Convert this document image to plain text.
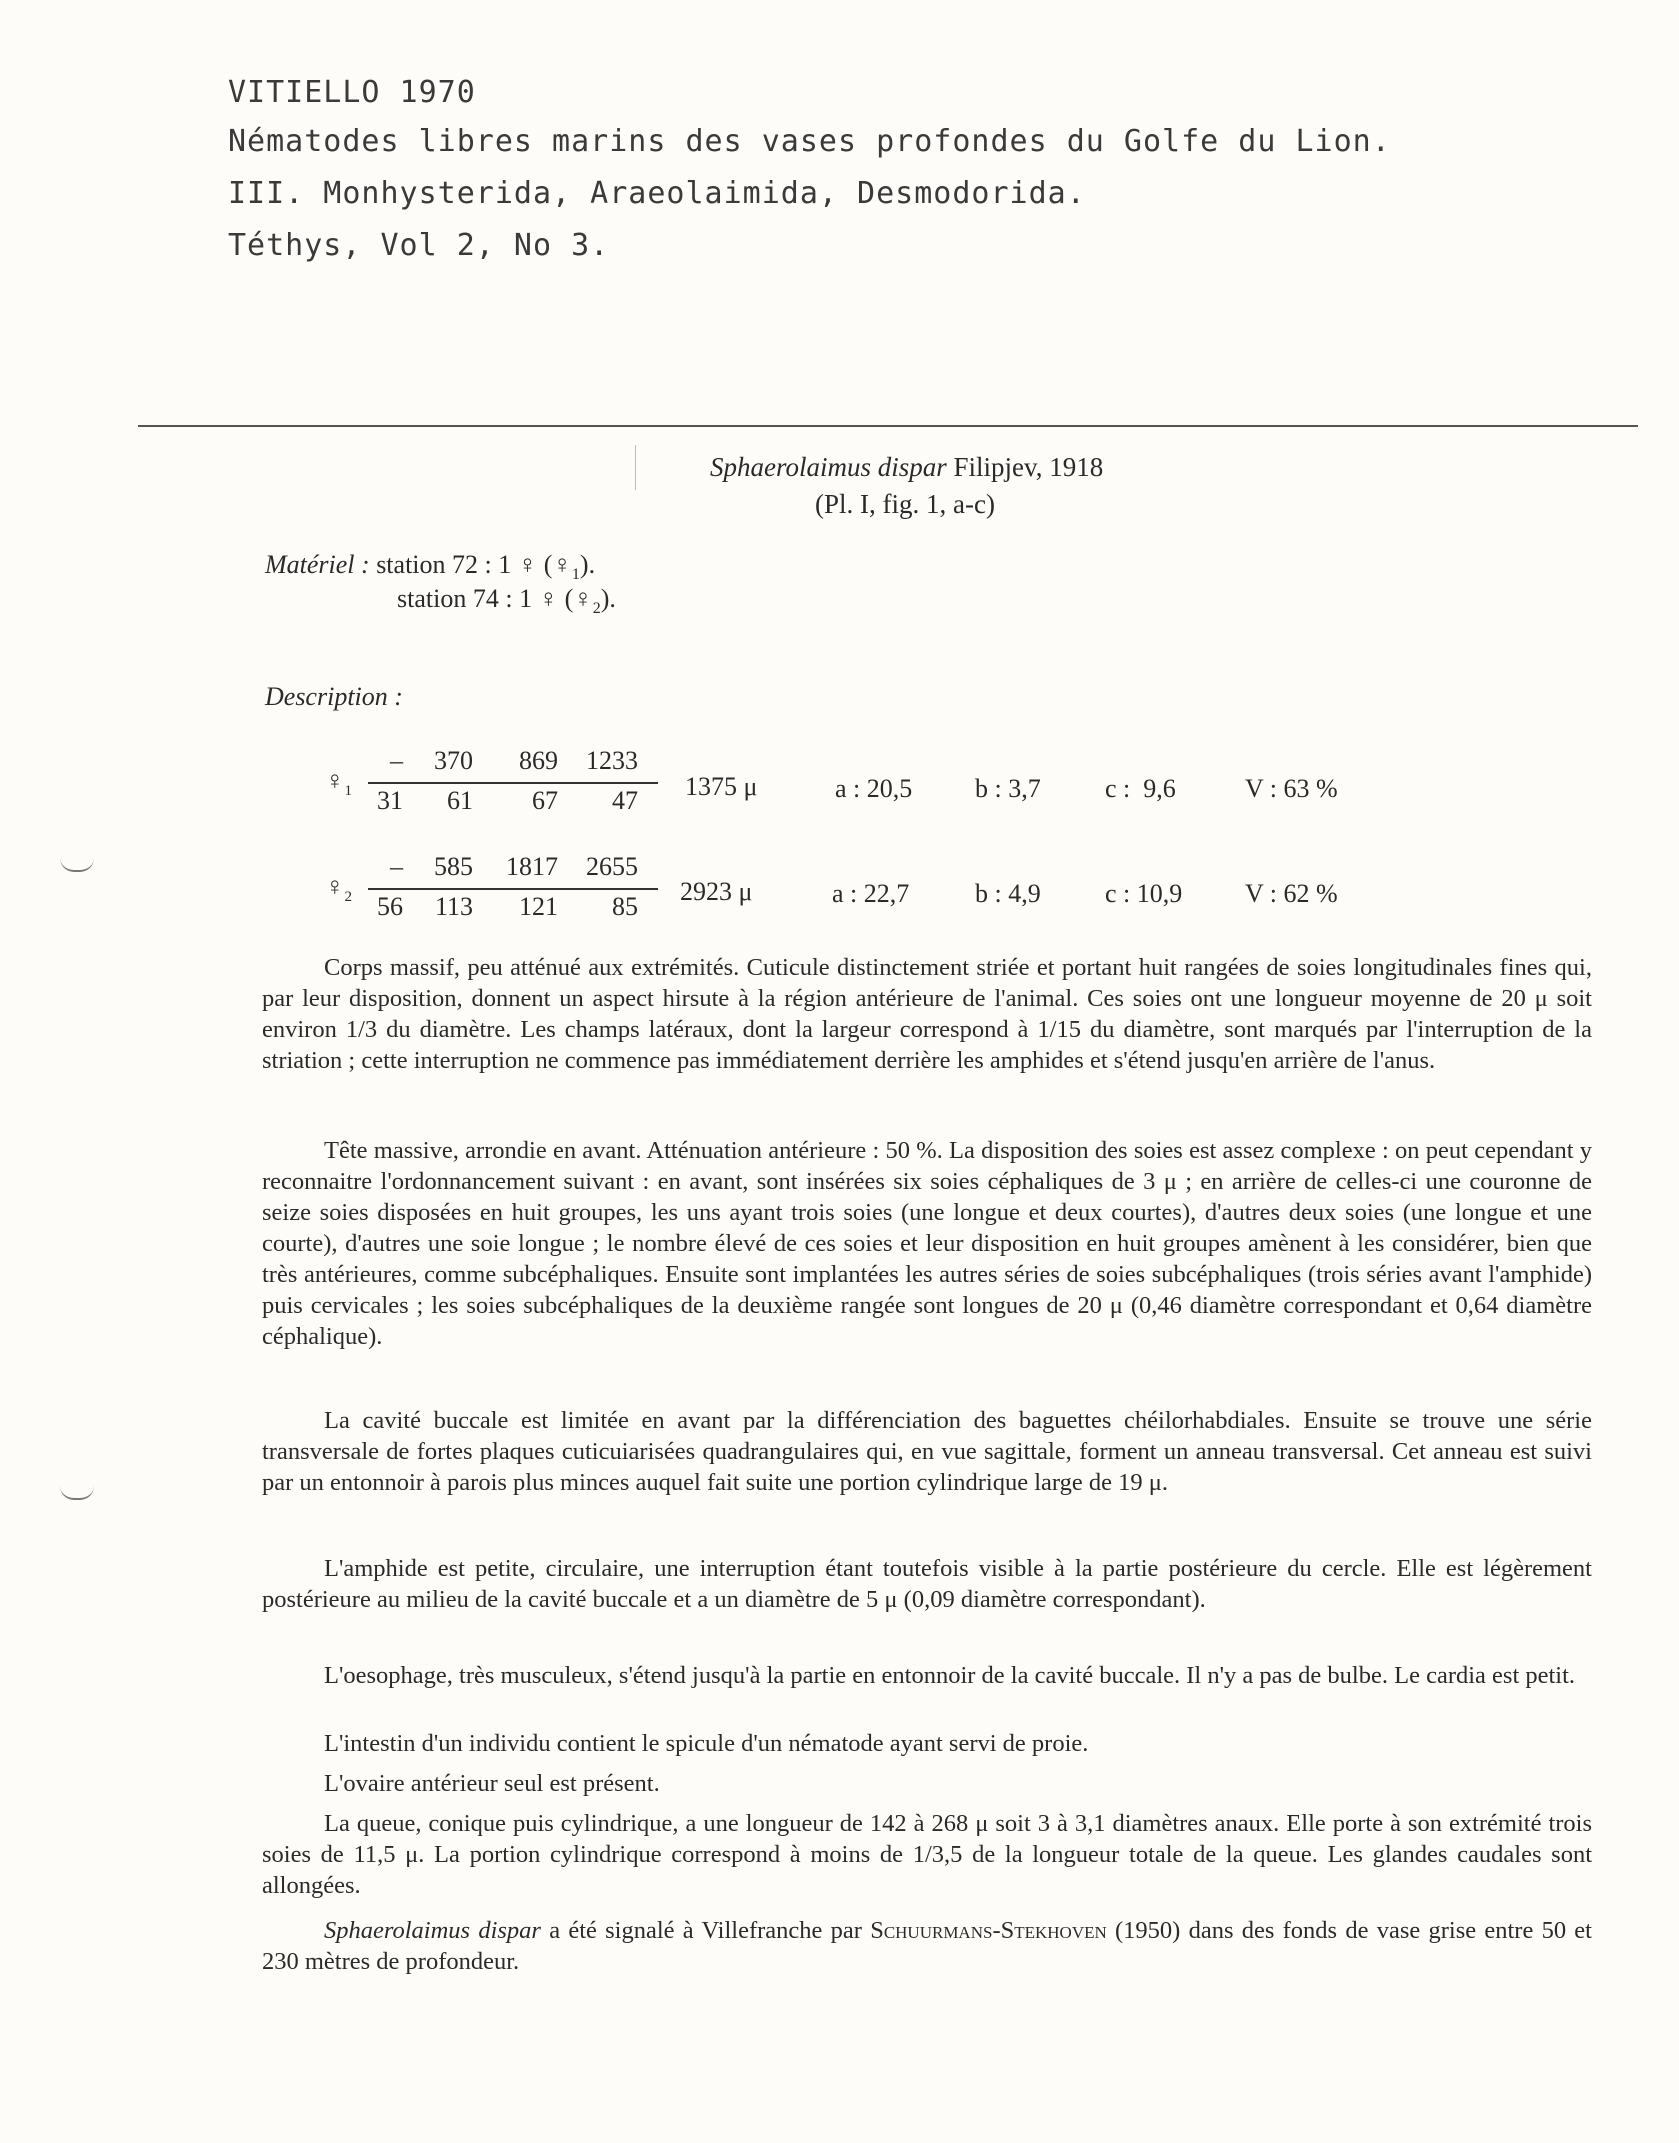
VITIELLO 1970
Nématodes libres marins des vases profondes du Golfe du Lion.
III. Monhysterida, Araeolaimida, Desmodorida.
Téthys, Vol 2, No 3.
Sphaerolaimus dispar Filipjev, 1918
(Pl. I, fig. 1, a-c)
Matériel : station 72 : 1 ♀ $(♀_1)$.
station 74 : 1 ♀ $(♀_2)$.
Description :
$♀_1$
–	370	869	1233
31	61	67	47 1375 μ	a : 20,5 b : 3,7 c :  9,6	V : 63 %
$♀_2$
–	585	1817	2655
56	113	121	85
2923 μ	a : 22,7	b : 4,9 c : 10,9 V : 62 %

Corps massif, peu atténué aux extrémités. Cuticule distinctement striée et portant huit rangées de soies longitudinales fines qui, par leur disposition, donnent un aspect hirsute à la région antérieure de l'animal. Ces soies ont une longueur moyenne de 20 μ soit environ 1/3 du diamètre. Les champs latéraux, dont la largeur correspond à 1/15 du diamètre, sont marqués par l'interruption de la striation ; cette interruption ne commence pas immédiatement derrière les amphides et s'étend jusqu'en arrière de l'anus.

Tête massive, arrondie en avant. Atténuation antérieure : 50 %. La disposition des soies est assez complexe : on peut cependant y reconnaitre l'ordonnancement suivant : en avant, sont insérées six soies céphaliques de 3 μ ; en arrière de celles-ci une couronne de seize soies disposées en huit groupes, les uns ayant trois soies (une longue et deux courtes), d'autres deux soies (une longue et une courte), d'autres une soie longue ; le nombre élevé de ces soies et leur disposition en huit groupes amènent à les considérer, bien que très antérieures, comme subcéphaliques. Ensuite sont implantées les autres séries de soies subcéphaliques (trois séries avant l'amphide) puis cervicales ; les soies subcéphaliques de la deuxième rangée sont longues de 20 μ (0,46 diamètre correspondant et 0,64 diamètre céphalique).

La cavité buccale est limitée en avant par la différenciation des baguettes chéilorhabdiales. Ensuite se trouve une série transversale de fortes plaques cuticuiarisées quadrangulaires qui, en vue sagittale, forment un anneau transversal. Cet anneau est suivi par un entonnoir à parois plus minces auquel fait suite une portion cylindrique large de 19 μ.

L'amphide est petite, circulaire, une interruption étant toutefois visible à la partie postérieure du cercle. Elle est légèrement postérieure au milieu de la cavité buccale et a un diamètre de 5 μ (0,09 diamètre correspondant).

L'oesophage, très musculeux, s'étend jusqu'à la partie en entonnoir de la cavité buccale. Il n'y a pas de bulbe. Le cardia est petit.

L'intestin d'un individu contient le spicule d'un nématode ayant servi de proie.

L'ovaire antérieur seul est présent.

La queue, conique puis cylindrique, a une longueur de 142 à 268 μ soit 3 à 3,1 diamètres anaux. Elle porte à son extrémité trois soies de 11,5 μ. La portion cylindrique correspond à moins de 1/3,5 de la longueur totale de la queue. Les glandes caudales sont allongées.

Sphaerolaimus dispar a été signalé à Villefranche par Schuurmans-Stekhoven (1950) dans des fonds de vase grise entre 50 et 230 mètres de profondeur.
